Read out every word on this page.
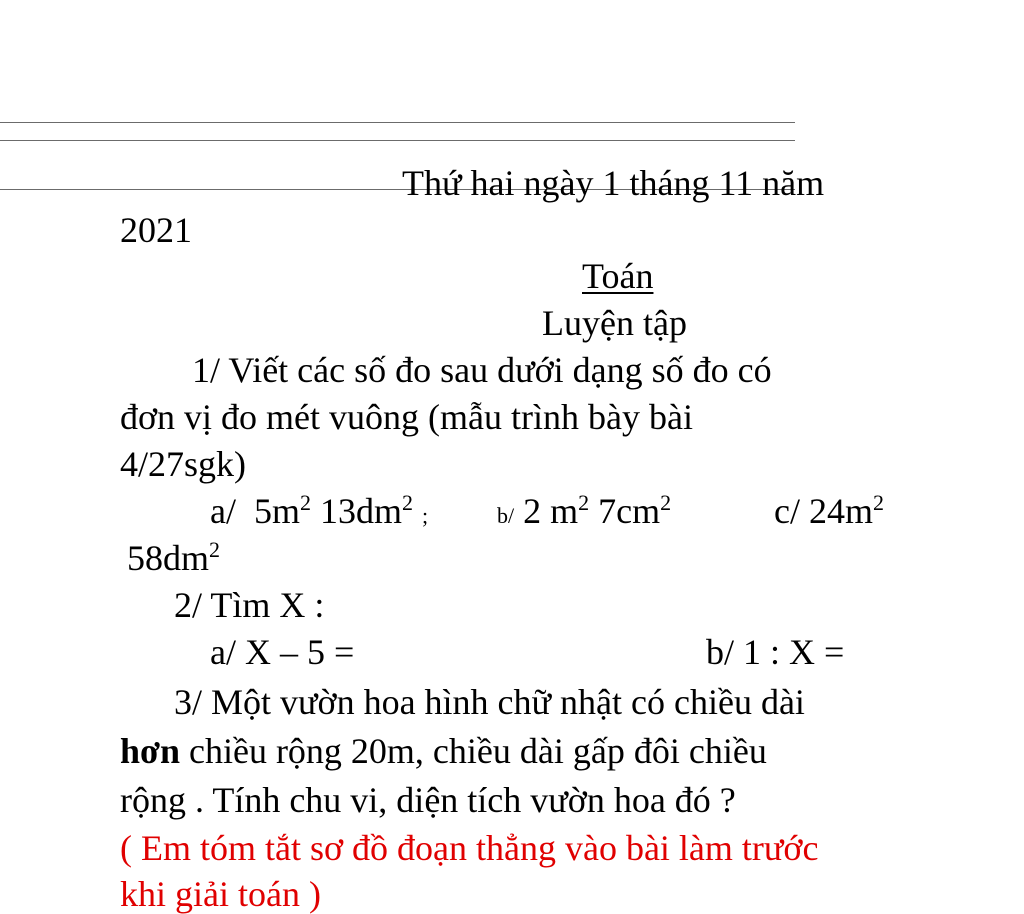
Thứ hai ngày 1 tháng 11 năm
2021
Toán
Luyện tập
1/ Viết các số đo sau dưới dạng số đo có
đơn vị đo mét vuông (mẫu trình bày bài
4/27sgk)
a/ $5m^2$ $13dm^2$ ;	b/ 2 $m^2$ $7cm^2$	c/ $24m^2$
$58dm^2$
2/ Tìm X :
a/ X – 5 =	b/ 1 : X =
3/ Một vườn hoa hình chữ nhật có chiều dài
hơn chiều rộng 20m, chiều dài gấp đôi chiều
rộng . Tính chu vi, diện tích vườn hoa đó ?
( Em tóm tắt sơ đồ đoạn thẳng vào bài làm trước
khi giải toán )
